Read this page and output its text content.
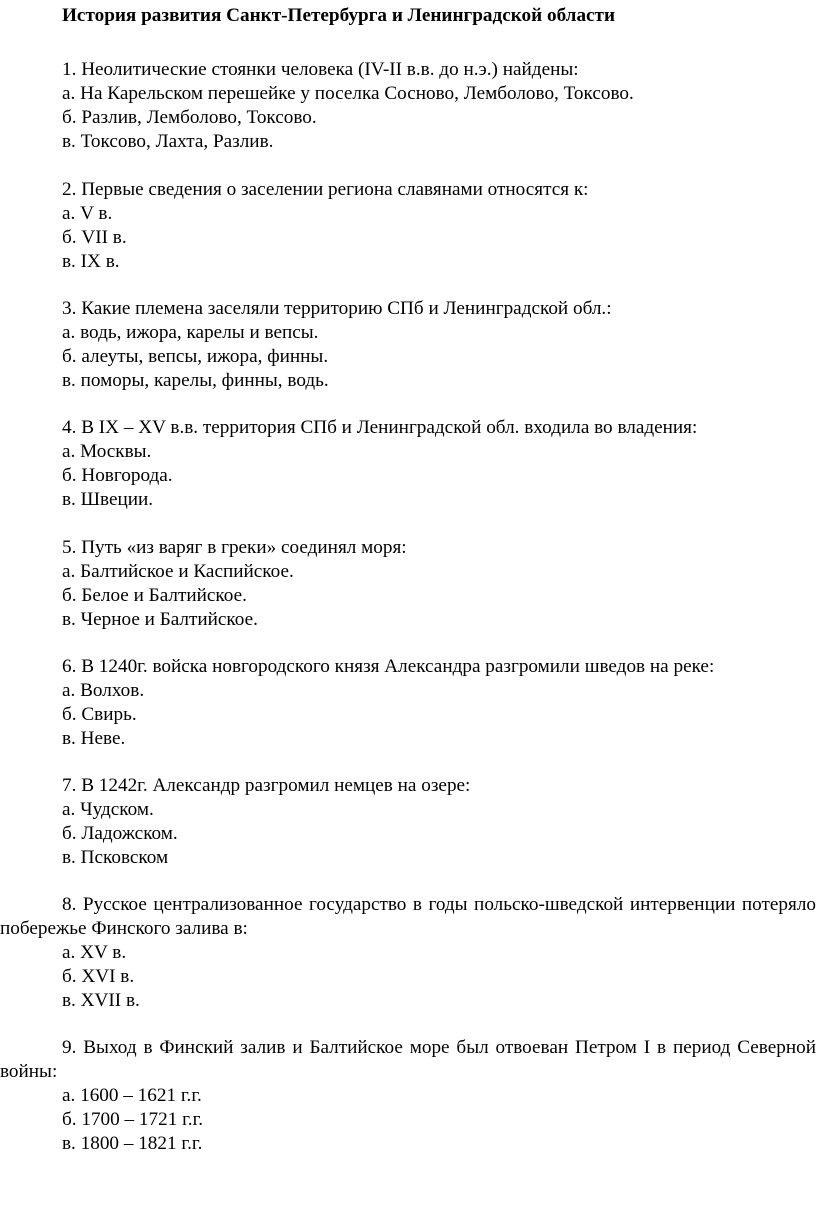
История развития Санкт-Петербурга и Ленинградской области
1. Неолитические стоянки человека (IV-II в.в. до н.э.) найдены:
а. На Карельском перешейке у поселка Сосново, Лемболово, Токсово.
б. Разлив, Лемболово, Токсово.
в. Токсово, Лахта, Разлив.
2. Первые сведения о заселении региона славянами относятся к:
а. V в.
б. VII в.
в. IX в.
3. Какие племена заселяли территорию СПб и Ленинградской обл.:
а. водь, ижора, карелы и вепсы.
б. алеуты, вепсы, ижора, финны.
в. поморы, карелы, финны, водь.
4. В IX – XV в.в. территория СПб и Ленинградской обл. входила во владения:
а. Москвы.
б. Новгорода.
в. Швеции.
5. Путь «из варяг в греки» соединял моря:
а. Балтийское и Каспийское.
б. Белое и Балтийское.
в. Черное и Балтийское.
6. В 1240г. войска новгородского князя Александра разгромили шведов на реке:
а. Волхов.
б. Свирь.
в. Неве.
7. В 1242г. Александр разгромил немцев на озере:
а. Чудском.
б. Ладожском.
в. Псковском
8. Русское централизованное государство в годы польско-шведской интервенции потеряло побережье Финского залива в:
а. XV в.
б. XVI в.
в. XVII в.
9. Выход в Финский залив и Балтийское море был отвоеван Петром I в период Северной войны:
а. 1600 – 1621 г.г.
б. 1700 – 1721 г.г.
в. 1800 – 1821 г.г.
